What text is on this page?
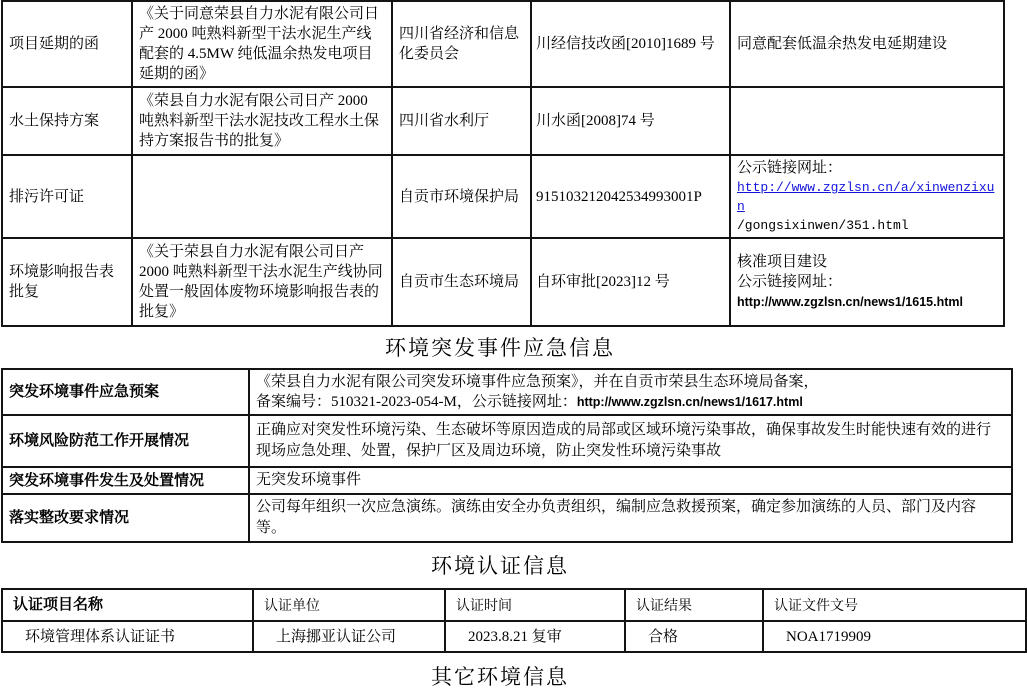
项目延期的函	《关于同意荣县自力水泥有限公司日产 2000 吨熟料新型干法水泥生产线配套的 4.5MW 纯低温余热发电项目延期的函》	四川省经济和信息化委员会	川经信技改函[2010]1689 号	同意配套低温余热发电延期建设
水土保持方案	《荣县自力水泥有限公司日产 2000 吨熟料新型干法水泥技改工程水土保持方案报告书的批复》	四川省水利厅	川水函[2008]74 号	
排污许可证		自贡市环境保护局	915103212042534993001P	公示链接网址：
http://www.zgzlsn.cn/a/xinwenzixun
/gongsixinwen/351.html

环境影响报告表批复	《关于荣县自力水泥有限公司日产 2000 吨熟料新型干法水泥生产线协同处置一般固体废物环境影响报告表的批复》	自贡市生态环境局	自环审批[2023]12 号	核准项目建设
公示链接网址：
http://www.zgzlsn.cn/news1/1615.html
环境突发事件应急信息
突发环境事件应急预案	《荣县自力水泥有限公司突发环境事件应急预案》，并在自贡市荣县生态环境局备案，
备案编号：510321-2023-054-M，公示链接网址：http://www.zgzlsn.cn/news1/1617.html

环境风险防范工作开展情况	正确应对突发性环境污染、生态破坏等原因造成的局部或区域环境污染事故，确保事故发生时能快速有效的进行现场应急处理、处置，保护厂区及周边环境，防止突发性环境污染事故
突发环境事件发生及处置情况	无突发环境事件
落实整改要求情况	公司每年组织一次应急演练。演练由安全办负责组织，编制应急救援预案，确定参加演练的人员、部门及内容等。
环境认证信息
认证项目名称	认证单位	认证时间	认证结果	认证文件文号
环境管理体系认证证书	上海挪亚认证公司	2023.8.21 复审	合格	NOA1719909
其它环境信息
